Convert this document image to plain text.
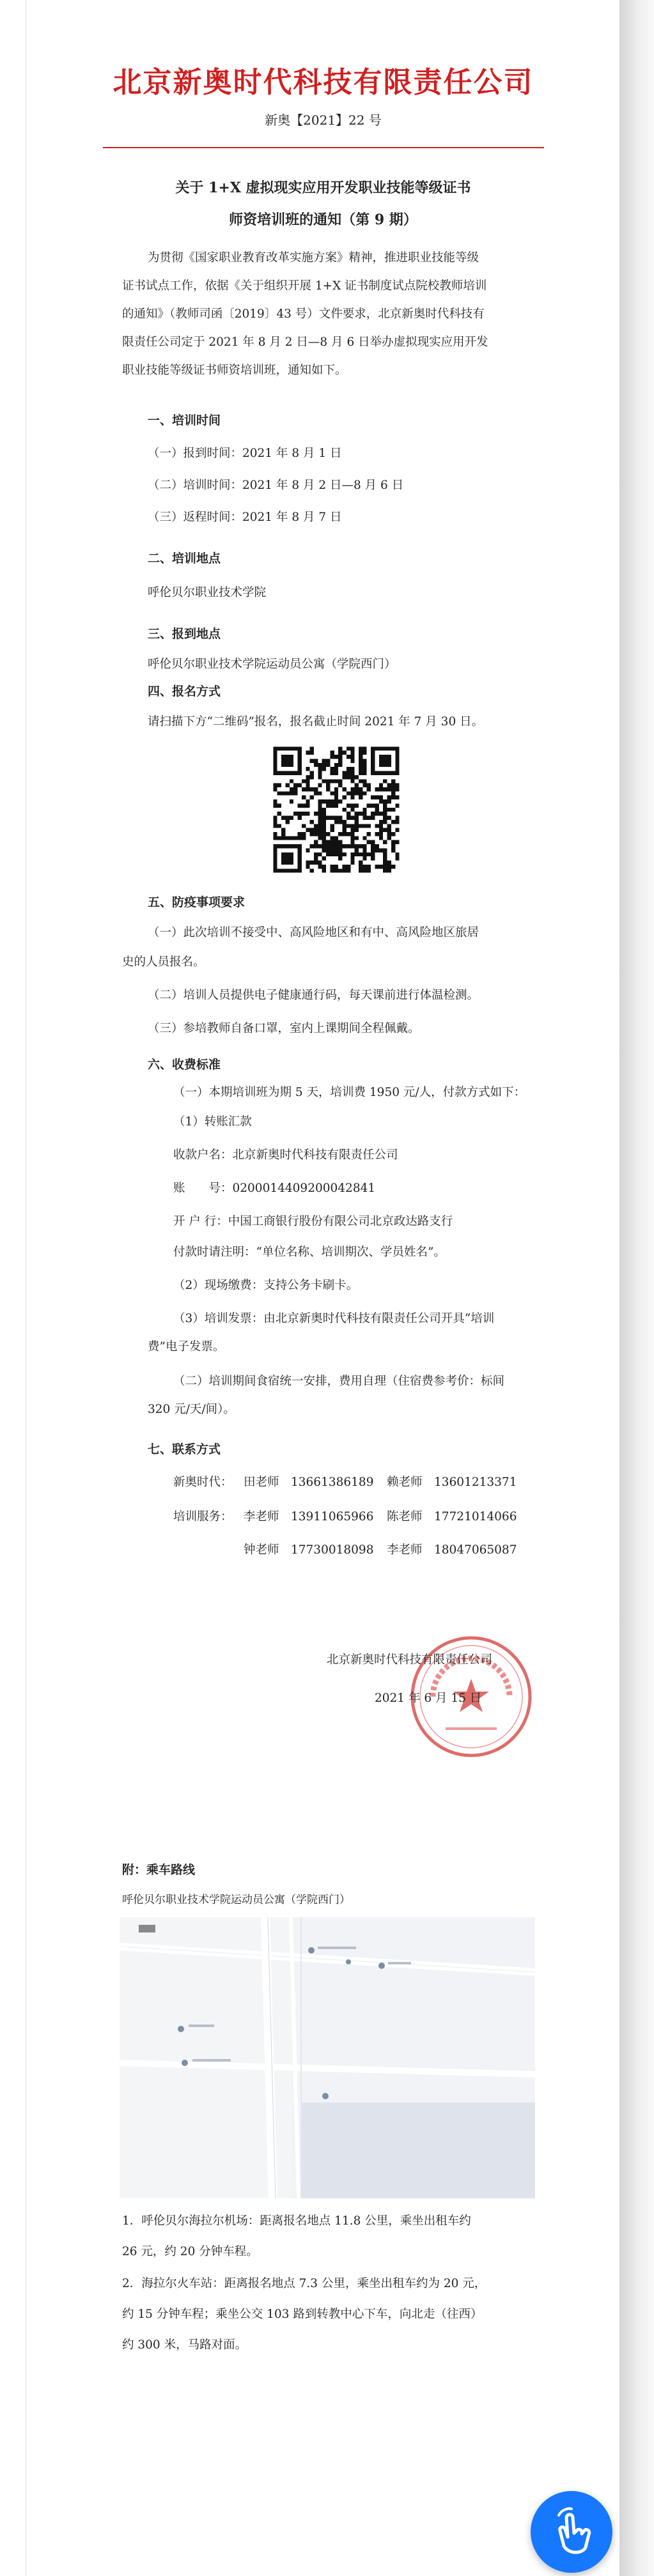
北京新奥时代科技有限责任公司
新奥【2021】22 号
关于 1+X 虚拟现实应用开发职业技能等级证书
师资培训班的通知（第 9 期）
为贯彻《国家职业教育改革实施方案》精神，推进职业技能等级
证书试点工作，依据《关于组织开展 1+X 证书制度试点院校教师培训
的通知》（教师司函〔2019〕43 号）文件要求，北京新奥时代科技有
限责任公司定于 2021 年 8 月 2 日—8 月 6 日举办虚拟现实应用开发
职业技能等级证书师资培训班，通知如下。
一、培训时间
（一）报到时间：2021 年 8 月 1 日
（二）培训时间：2021 年 8 月 2 日—8 月 6 日
（三）返程时间：2021 年 8 月 7 日
二、培训地点
呼伦贝尔职业技术学院
三、报到地点
呼伦贝尔职业技术学院运动员公寓（学院西门）
四、报名方式
请扫描下方“二维码”报名，报名截止时间 2021 年 7 月 30 日。
五、防疫事项要求
（一）此次培训不接受中、高风险地区和有中、高风险地区旅居
史的人员报名。
（二）培训人员提供电子健康通行码，每天课前进行体温检测。
（三）参培教师自备口罩，室内上课期间全程佩戴。
六、收费标准
（一）本期培训班为期 5 天，培训费 1950 元/人，付款方式如下：
（1）转账汇款
收款户名：北京新奥时代科技有限责任公司
账　　号：0200014409200042841
开 户 行：中国工商银行股份有限公司北京政达路支行
付款时请注明：“单位名称、培训期次、学员姓名”。
（2）现场缴费：支持公务卡刷卡。
（3）培训发票：由北京新奥时代科技有限责任公司开具“培训
费”电子发票。
（二）培训期间食宿统一安排，费用自理（住宿费参考价：标间
320 元/天/间）。
七、联系方式
新奥时代： 田老师　13661386189 赖老师　13601213371
培训服务： 李老师　13911065966 陈老师　17721014066
钟老师　17730018098 李老师　18047065087
北京新奥时代科技有限责任公司
2021 年 6 月 15 日
附：乘车路线
呼伦贝尔职业技术学院运动员公寓（学院西门）
1．呼伦贝尔海拉尔机场：距离报名地点 11.8 公里，乘坐出租车约
26 元，约 20 分钟车程。
2．海拉尔火车站：距离报名地点 7.3 公里，乘坐出租车约为 20 元，
约 15 分钟车程；乘坐公交 103 路到转教中心下车，向北走（往西）
约 300 米，马路对面。
